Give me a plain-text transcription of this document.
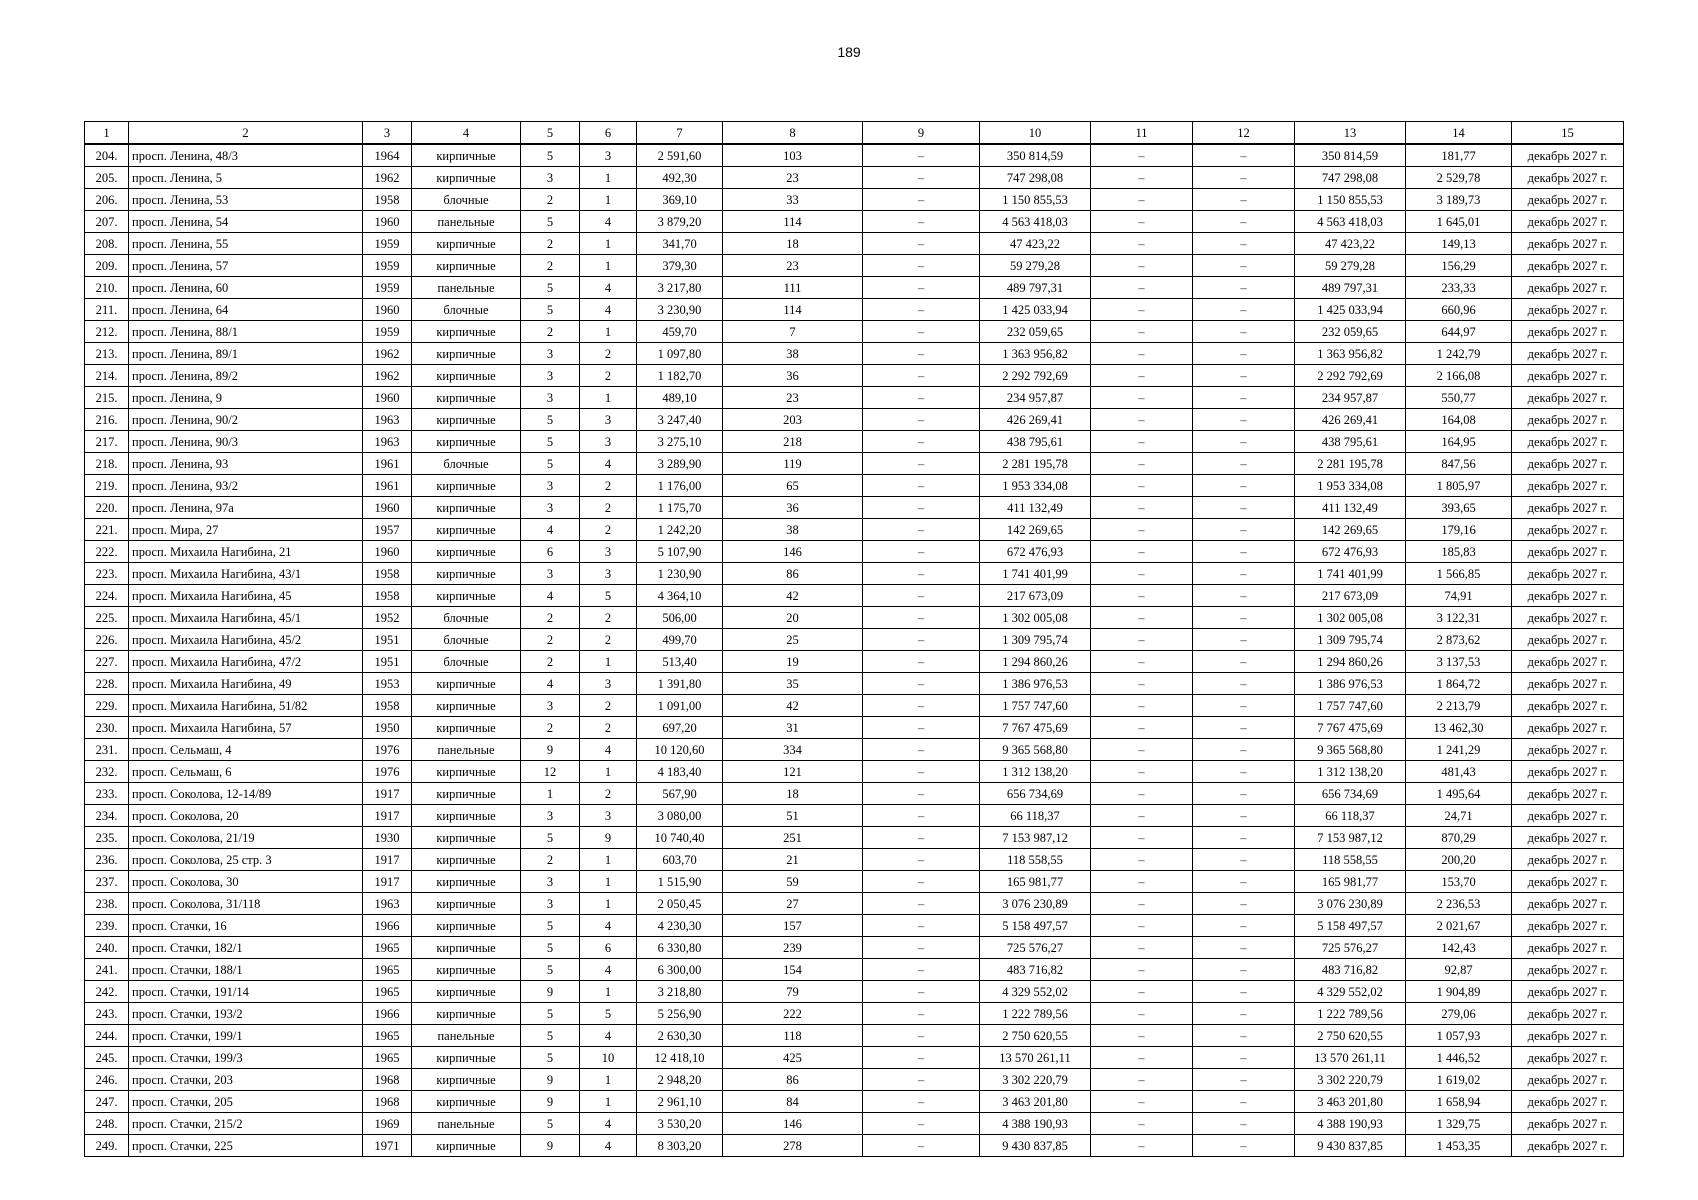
189
1	2	3	4	5	6	7	8	9	10	11	12	13	14	15
204.	просп. Ленина, 48/3	1964	кирпичные	5	3	2 591,60	103	–	350 814,59	–	–	350 814,59	181,77	декабрь 2027 г.
205.	просп. Ленина, 5	1962	кирпичные	3	1	492,30	23	–	747 298,08	–	–	747 298,08	2 529,78	декабрь 2027 г.
206.	просп. Ленина, 53	1958	блочные	2	1	369,10	33	–	1 150 855,53	–	–	1 150 855,53	3 189,73	декабрь 2027 г.
207.	просп. Ленина, 54	1960	панельные	5	4	3 879,20	114	–	4 563 418,03	–	–	4 563 418,03	1 645,01	декабрь 2027 г.
208.	просп. Ленина, 55	1959	кирпичные	2	1	341,70	18	–	47 423,22	–	–	47 423,22	149,13	декабрь 2027 г.
209.	просп. Ленина, 57	1959	кирпичные	2	1	379,30	23	–	59 279,28	–	–	59 279,28	156,29	декабрь 2027 г.
210.	просп. Ленина, 60	1959	панельные	5	4	3 217,80	111	–	489 797,31	–	–	489 797,31	233,33	декабрь 2027 г.
211.	просп. Ленина, 64	1960	блочные	5	4	3 230,90	114	–	1 425 033,94	–	–	1 425 033,94	660,96	декабрь 2027 г.
212.	просп. Ленина, 88/1	1959	кирпичные	2	1	459,70	7	–	232 059,65	–	–	232 059,65	644,97	декабрь 2027 г.
213.	просп. Ленина, 89/1	1962	кирпичные	3	2	1 097,80	38	–	1 363 956,82	–	–	1 363 956,82	1 242,79	декабрь 2027 г.
214.	просп. Ленина, 89/2	1962	кирпичные	3	2	1 182,70	36	–	2 292 792,69	–	–	2 292 792,69	2 166,08	декабрь 2027 г.
215.	просп. Ленина, 9	1960	кирпичные	3	1	489,10	23	–	234 957,87	–	–	234 957,87	550,77	декабрь 2027 г.
216.	просп. Ленина, 90/2	1963	кирпичные	5	3	3 247,40	203	–	426 269,41	–	–	426 269,41	164,08	декабрь 2027 г.
217.	просп. Ленина, 90/3	1963	кирпичные	5	3	3 275,10	218	–	438 795,61	–	–	438 795,61	164,95	декабрь 2027 г.
218.	просп. Ленина, 93	1961	блочные	5	4	3 289,90	119	–	2 281 195,78	–	–	2 281 195,78	847,56	декабрь 2027 г.
219.	просп. Ленина, 93/2	1961	кирпичные	3	2	1 176,00	65	–	1 953 334,08	–	–	1 953 334,08	1 805,97	декабрь 2027 г.
220.	просп. Ленина, 97а	1960	кирпичные	3	2	1 175,70	36	–	411 132,49	–	–	411 132,49	393,65	декабрь 2027 г.
221.	просп. Мира, 27	1957	кирпичные	4	2	1 242,20	38	–	142 269,65	–	–	142 269,65	179,16	декабрь 2027 г.
222.	просп. Михаила Нагибина, 21	1960	кирпичные	6	3	5 107,90	146	–	672 476,93	–	–	672 476,93	185,83	декабрь 2027 г.
223.	просп. Михаила Нагибина, 43/1	1958	кирпичные	3	3	1 230,90	86	–	1 741 401,99	–	–	1 741 401,99	1 566,85	декабрь 2027 г.
224.	просп. Михаила Нагибина, 45	1958	кирпичные	4	5	4 364,10	42	–	217 673,09	–	–	217 673,09	74,91	декабрь 2027 г.
225.	просп. Михаила Нагибина, 45/1	1952	блочные	2	2	506,00	20	–	1 302 005,08	–	–	1 302 005,08	3 122,31	декабрь 2027 г.
226.	просп. Михаила Нагибина, 45/2	1951	блочные	2	2	499,70	25	–	1 309 795,74	–	–	1 309 795,74	2 873,62	декабрь 2027 г.
227.	просп. Михаила Нагибина, 47/2	1951	блочные	2	1	513,40	19	–	1 294 860,26	–	–	1 294 860,26	3 137,53	декабрь 2027 г.
228.	просп. Михаила Нагибина, 49	1953	кирпичные	4	3	1 391,80	35	–	1 386 976,53	–	–	1 386 976,53	1 864,72	декабрь 2027 г.
229.	просп. Михаила Нагибина, 51/82	1958	кирпичные	3	2	1 091,00	42	–	1 757 747,60	–	–	1 757 747,60	2 213,79	декабрь 2027 г.
230.	просп. Михаила Нагибина, 57	1950	кирпичные	2	2	697,20	31	–	7 767 475,69	–	–	7 767 475,69	13 462,30	декабрь 2027 г.
231.	просп. Сельмаш, 4	1976	панельные	9	4	10 120,60	334	–	9 365 568,80	–	–	9 365 568,80	1 241,29	декабрь 2027 г.
232.	просп. Сельмаш, 6	1976	кирпичные	12	1	4 183,40	121	–	1 312 138,20	–	–	1 312 138,20	481,43	декабрь 2027 г.
233.	просп. Соколова, 12-14/89	1917	кирпичные	1	2	567,90	18	–	656 734,69	–	–	656 734,69	1 495,64	декабрь 2027 г.
234.	просп. Соколова, 20	1917	кирпичные	3	3	3 080,00	51	–	66 118,37	–	–	66 118,37	24,71	декабрь 2027 г.
235.	просп. Соколова, 21/19	1930	кирпичные	5	9	10 740,40	251	–	7 153 987,12	–	–	7 153 987,12	870,29	декабрь 2027 г.
236.	просп. Соколова, 25 стр. 3	1917	кирпичные	2	1	603,70	21	–	118 558,55	–	–	118 558,55	200,20	декабрь 2027 г.
237.	просп. Соколова, 30	1917	кирпичные	3	1	1 515,90	59	–	165 981,77	–	–	165 981,77	153,70	декабрь 2027 г.
238.	просп. Соколова, 31/118	1963	кирпичные	3	1	2 050,45	27	–	3 076 230,89	–	–	3 076 230,89	2 236,53	декабрь 2027 г.
239.	просп. Стачки, 16	1966	кирпичные	5	4	4 230,30	157	–	5 158 497,57	–	–	5 158 497,57	2 021,67	декабрь 2027 г.
240.	просп. Стачки, 182/1	1965	кирпичные	5	6	6 330,80	239	–	725 576,27	–	–	725 576,27	142,43	декабрь 2027 г.
241.	просп. Стачки, 188/1	1965	кирпичные	5	4	6 300,00	154	–	483 716,82	–	–	483 716,82	92,87	декабрь 2027 г.
242.	просп. Стачки, 191/14	1965	кирпичные	9	1	3 218,80	79	–	4 329 552,02	–	–	4 329 552,02	1 904,89	декабрь 2027 г.
243.	просп. Стачки, 193/2	1966	кирпичные	5	5	5 256,90	222	–	1 222 789,56	–	–	1 222 789,56	279,06	декабрь 2027 г.
244.	просп. Стачки, 199/1	1965	панельные	5	4	2 630,30	118	–	2 750 620,55	–	–	2 750 620,55	1 057,93	декабрь 2027 г.
245.	просп. Стачки, 199/3	1965	кирпичные	5	10	12 418,10	425	–	13 570 261,11	–	–	13 570 261,11	1 446,52	декабрь 2027 г.
246.	просп. Стачки, 203	1968	кирпичные	9	1	2 948,20	86	–	3 302 220,79	–	–	3 302 220,79	1 619,02	декабрь 2027 г.
247.	просп. Стачки, 205	1968	кирпичные	9	1	2 961,10	84	–	3 463 201,80	–	–	3 463 201,80	1 658,94	декабрь 2027 г.
248.	просп. Стачки, 215/2	1969	панельные	5	4	3 530,20	146	–	4 388 190,93	–	–	4 388 190,93	1 329,75	декабрь 2027 г.
249.	просп. Стачки, 225	1971	кирпичные	9	4	8 303,20	278	–	9 430 837,85	–	–	9 430 837,85	1 453,35	декабрь 2027 г.
